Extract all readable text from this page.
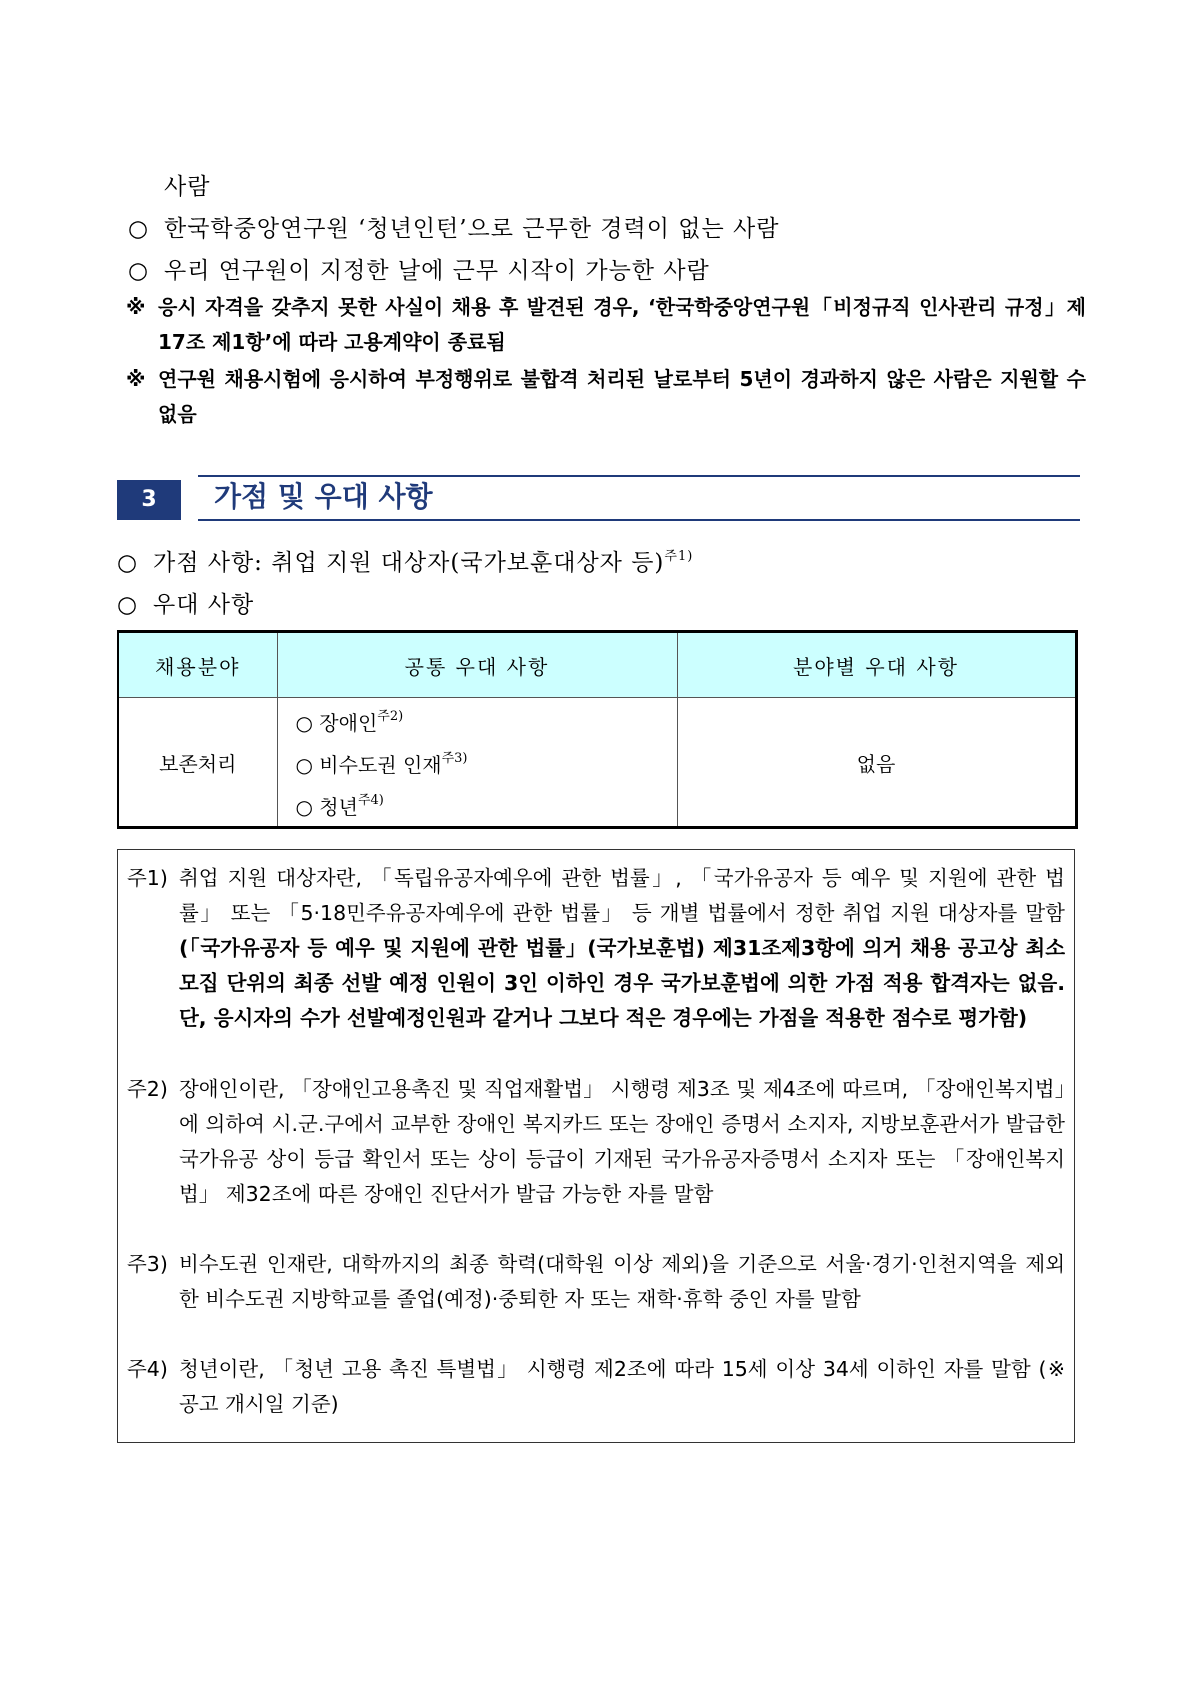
사람
○ 한국학중앙연구원 ‘청년인턴’으로 근무한 경력이 없는 사람
○ 우리 연구원이 지정한 날에 근무 시작이 가능한 사람
※ 응시 자격을 갖추지 못한 사실이 채용 후 발견된 경우, ‘한국학중앙연구원「비정규직 인사관리 규정」제17조 제1항’에 따라 고용계약이 종료됨
※ 연구원 채용시험에 응시하여 부정행위로 불합격 처리된 날로부터 5년이 경과하지 않은 사람은 지원할 수 없음
3	가점 및 우대 사항
○ 가점 사항: 취업 지원 대상자(국가보훈대상자 등)$^{주1)}$
○ 우대 사항
채용분야	공통 우대 사항	분야별 우대 사항
보존처리	○ 장애인$^{주2)}$
○ 비수도권 인재$^{주3)}$
○ 청년$^{주4)}$	없음
주1) 취업 지원 대상자란, 「독립유공자예우에 관한 법률」, 「국가유공자 등 예우 및 지원에 관한 법률」 또는 「5·18민주유공자예우에 관한 법률」 등 개별 법률에서 정한 취업 지원 대상자를 말함(「국가유공자 등 예우 및 지원에 관한 법률」(국가보훈법) 제31조제3항에 의거 채용 공고상 최소 모집 단위의 최종 선발 예정 인원이 3인 이하인 경우 국가보훈법에 의한 가점 적용 합격자는 없음. 단, 응시자의 수가 선발예정인원과 같거나 그보다 적은 경우에는 가점을 적용한 점수로 평가함)
주2) 장애인이란, 「장애인고용촉진 및 직업재활법」 시행령 제3조 및 제4조에 따르며, 「장애인복지법」에 의하여 시.군.구에서 교부한 장애인 복지카드 또는 장애인 증명서 소지자, 지방보훈관서가 발급한 국가유공 상이 등급 확인서 또는 상이 등급이 기재된 국가유공자증명서 소지자 또는 「장애인복지법」 제32조에 따른 장애인 진단서가 발급 가능한 자를 말함
주3) 비수도권 인재란, 대학까지의 최종 학력(대학원 이상 제외)을 기준으로 서울·경기·인천지역을 제외한 비수도권 지방학교를 졸업(예정)·중퇴한 자 또는 재학·휴학 중인 자를 말함
주4) 청년이란, 「청년 고용 촉진 특별법」 시행령 제2조에 따라 15세 이상 34세 이하인 자를 말함 (※ 공고 개시일 기준)
